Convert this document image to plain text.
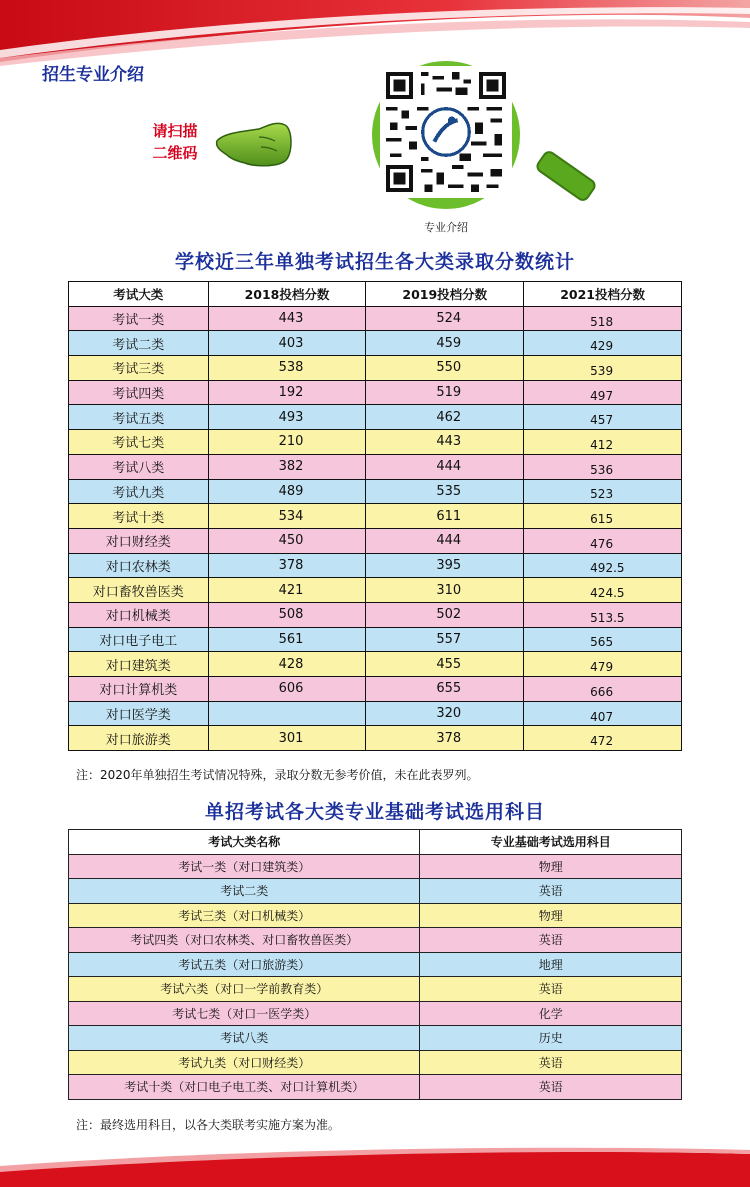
招生专业介绍
请扫描
二维码
专业介绍
学校近三年单独考试招生各大类录取分数统计
考试大类	2018投档分数	2019投档分数	2021投档分数
考试一类	443	524	518
考试二类	403	459	429
考试三类	538	550	539
考试四类	192	519	497
考试五类	493	462	457
考试七类	210	443	412
考试八类	382	444	536
考试九类	489	535	523
考试十类	534	611	615
对口财经类	450	444	476
对口农林类	378	395	492.5
对口畜牧兽医类	421	310	424.5
对口机械类	508	502	513.5
对口电子电工	561	557	565
对口建筑类	428	455	479
对口计算机类	606	655	666
对口医学类		320	407
对口旅游类	301	378	472
注：2020年单独招生考试情况特殊，录取分数无参考价值，未在此表罗列。
单招考试各大类专业基础考试选用科目
考试大类名称	专业基础考试选用科目
考试一类（对口建筑类）	物理
考试二类	英语
考试三类（对口机械类）	物理
考试四类（对口农林类、对口畜牧兽医类）	英语
考试五类（对口旅游类）	地理
考试六类（对口一学前教育类）	英语
考试七类（对口一医学类）	化学
考试八类	历史
考试九类（对口财经类）	英语
考试十类（对口电子电工类、对口计算机类）	英语
注：最终选用科目，以各大类联考实施方案为准。
